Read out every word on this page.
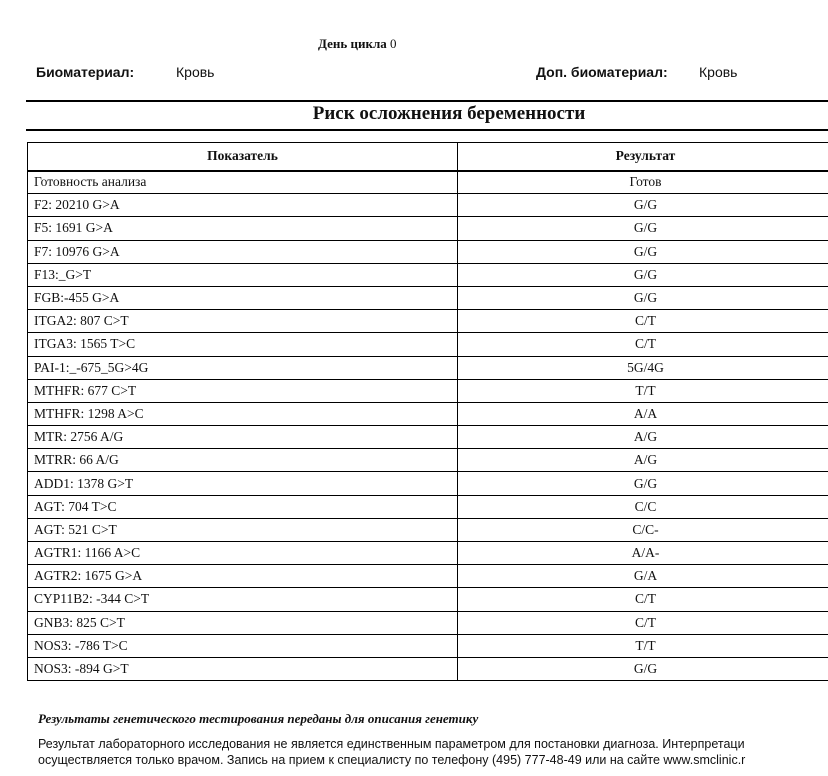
День цикла 0
Биоматериал:	Кровь	Доп. биоматериал: Кровь
Риск осложнения беременности
Показатель	Результат
Готовность анализа	Готов
F2: 20210 G>A	G/G
F5: 1691 G>A	G/G
F7: 10976 G>A	G/G
F13:_G>T	G/G
FGB:-455 G>A	G/G
ITGA2: 807 C>T	C/T
ITGA3: 1565 T>C	C/T
PAI-1:_-675_5G>4G	5G/4G
MTHFR: 677 C>T	T/T
MTHFR: 1298 A>C	A/A
MTR: 2756 A/G	A/G
MTRR: 66 A/G	A/G
ADD1: 1378 G>T	G/G
AGT: 704 T>C	C/C
AGT: 521 C>T	C/C-
AGTR1: 1166 A>C	A/A-
AGTR2: 1675 G>A	G/A
CYP11B2: -344 C>T	C/T
GNB3: 825 C>T	C/T
NOS3: -786 T>C	T/T
NOS3: -894 G>T	G/G
Результаты генетического тестирования переданы для описания генетику
Результат лабораторного исследования не является единственным параметром для постановки диагноза. Интерпретаци
осуществляется только врачом. Запись на прием к специалисту по телефону (495) 777-48-49 или на сайте www.smclinic.r
